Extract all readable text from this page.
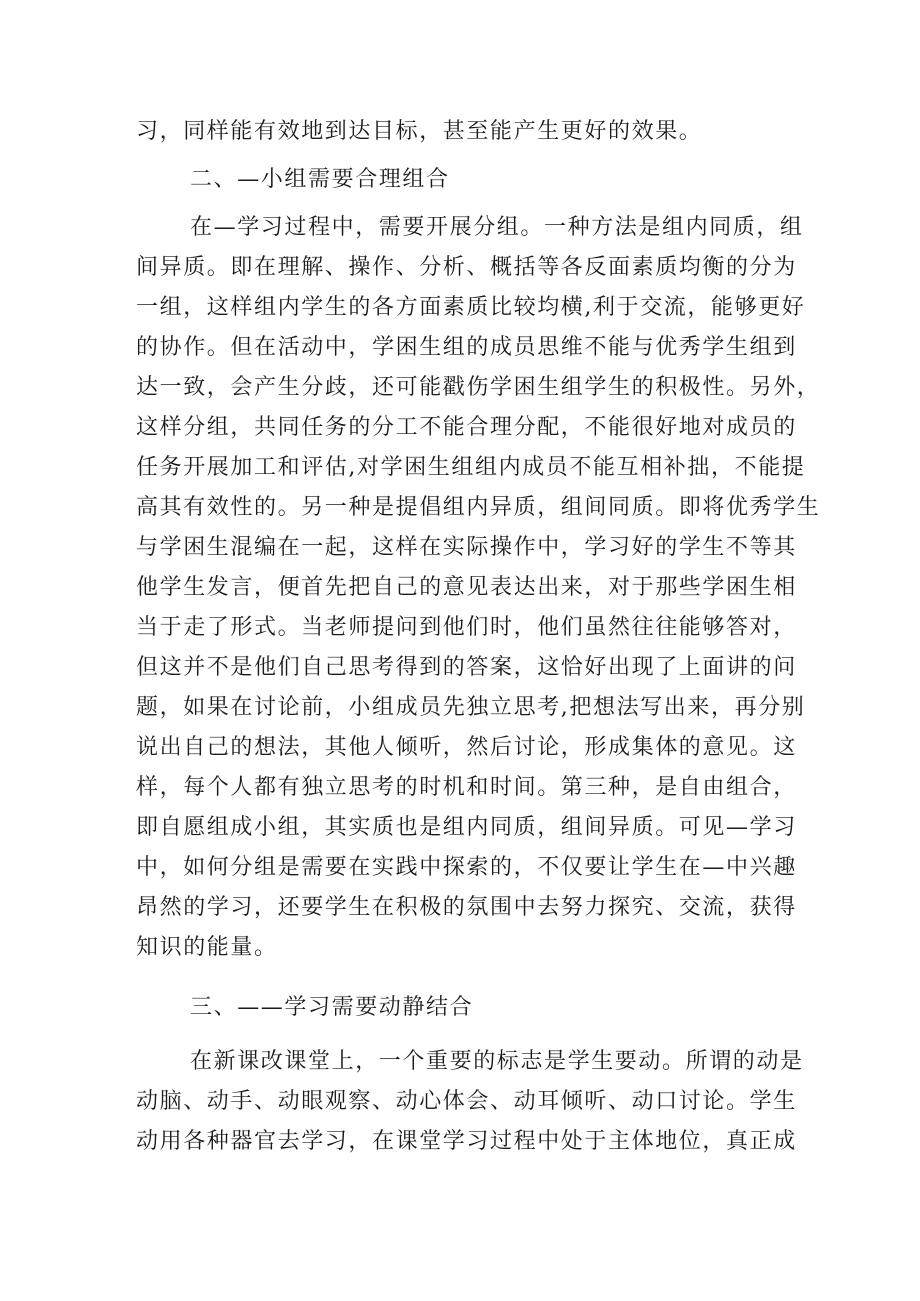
习，同样能有效地到达目标，甚至能产生更好的效果。
二、—小组需要合理组合
在—学习过程中，需要开展分组。一种方法是组内同质，组
间异质。即在理解、操作、分析、概括等各反面素质均衡的分为
一组，这样组内学生的各方面素质比较均横,利于交流，能够更好
的协作。但在活动中，学困生组的成员思维不能与优秀学生组到
达一致，会产生分歧，还可能戳伤学困生组学生的积极性。另外，
这样分组，共同任务的分工不能合理分配，不能很好地对成员的
任务开展加工和评估,对学困生组组内成员不能互相补拙，不能提
高其有效性的。另一种是提倡组内异质，组间同质。即将优秀学生
与学困生混编在一起，这样在实际操作中，学习好的学生不等其
他学生发言，便首先把自己的意见表达出来，对于那些学困生相
当于走了形式。当老师提问到他们时，他们虽然往往能够答对，
但这并不是他们自己思考得到的答案，这恰好出现了上面讲的问
题，如果在讨论前，小组成员先独立思考,把想法写出来，再分别
说出自己的想法，其他人倾听，然后讨论，形成集体的意见。这
样，每个人都有独立思考的时机和时间。第三种，是自由组合，
即自愿组成小组，其实质也是组内同质，组间异质。可见—学习
中，如何分组是需要在实践中探索的，不仅要让学生在—中兴趣
昂然的学习，还要学生在积极的氛围中去努力探究、交流，获得
知识的能量。
三、——学习需要动静结合
在新课改课堂上，一个重要的标志是学生要动。所谓的动是
动脑、动手、动眼观察、动心体会、动耳倾听、动口讨论。学生
动用各种器官去学习，在课堂学习过程中处于主体地位，真正成
